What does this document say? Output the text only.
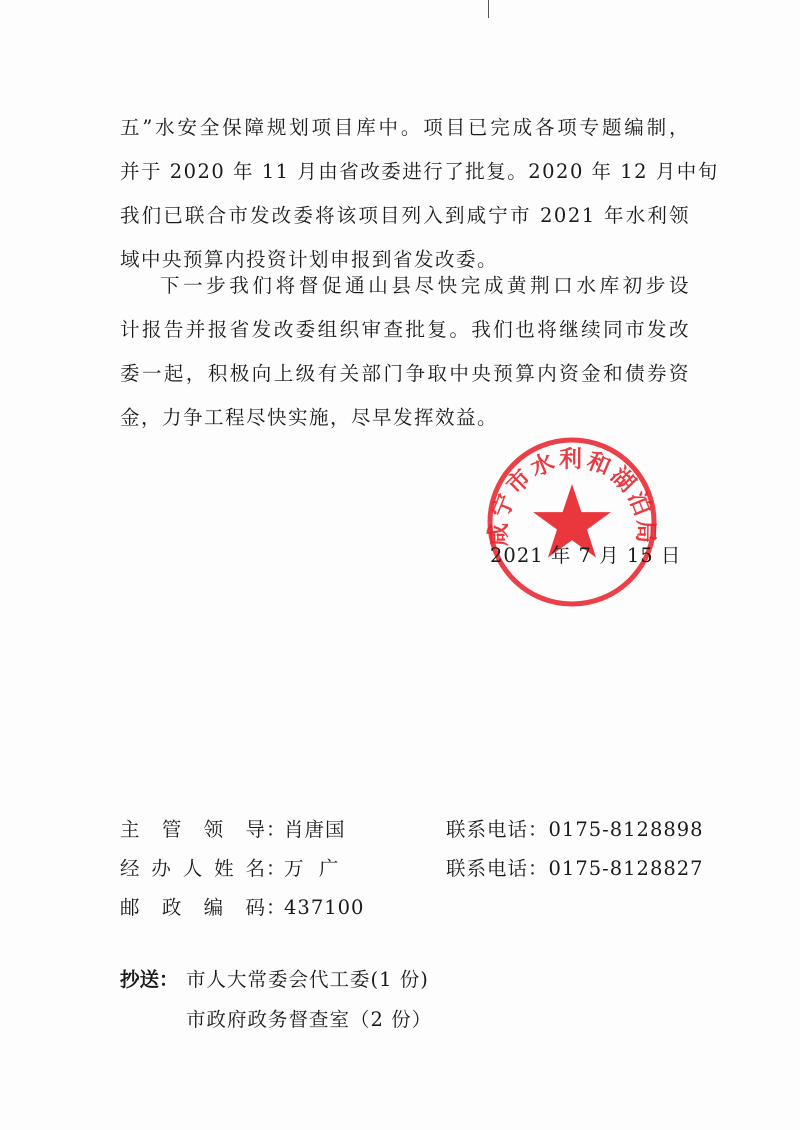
五”水安全保障规划项目库中。项目已完成各项专题编制，
并于 2020 年 11 月由省改委进行了批复。2020 年 12 月中旬
我们已联合市发改委将该项目列入到咸宁市 2021 年水利领
域中央预算内投资计划申报到省发改委。
下一步我们将督促通山县尽快完成黄荆口水库初步设
计报告并报省发改委组织审查批复。我们也将继续同市发改
委一起，积极向上级有关部门争取中央预算内资金和债券资
金，力争工程尽快实施，尽早发挥效益。
咸宁市水利和湖泊局
2021 年 7 月 15 日
主管领导：肖唐国	联系电话：0175-8128898
经办人姓名：万  广	联系电话：0175-8128827
邮政编码：437100
抄送： 市人大常委会代工委(1 份)
市政府政务督查室（2 份）
